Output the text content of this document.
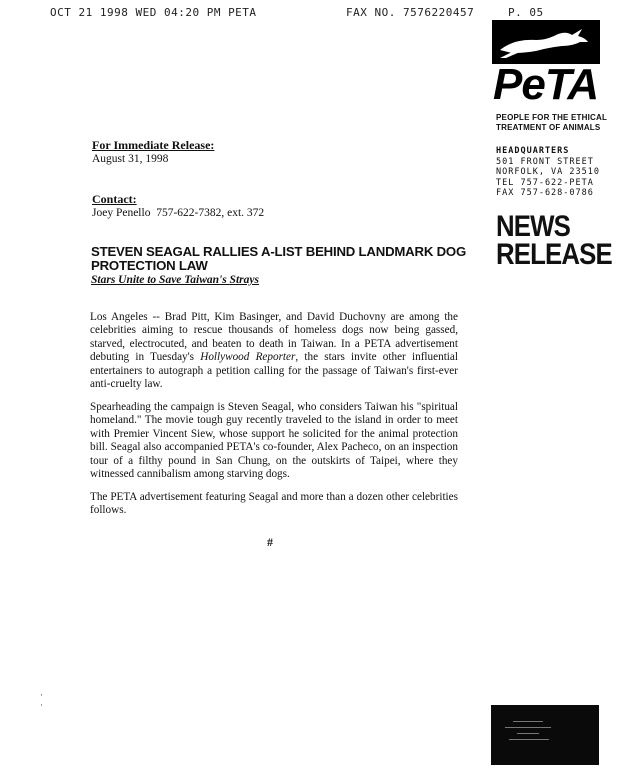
OCT 21 1998 WED 04:20 PM PETA	FAX NO. 7576220457	P. 05
PeTA
PEOPLE FOR THE ETHICAL
TREATMENT OF ANIMALS
HEADQUARTERS
501 FRONT STREET
NORFOLK, VA 23510
TEL 757-622-PETA
FAX 757-628-0786
NEWS
RELEASE
For Immediate Release:
August 31, 1998
Contact:
Joey Penello  757-622-7382, ext. 372
STEVEN SEAGAL RALLIES A-LIST BEHIND LANDMARK DOG PROTECTION LAW
Stars Unite to Save Taiwan's Strays
Los Angeles -- Brad Pitt, Kim Basinger, and David Duchovny are among the celebrities aiming to rescue thousands of homeless dogs now being gassed, starved, electrocuted, and beaten to death in Taiwan. In a PETA advertisement debuting in Tuesday's Hollywood Reporter, the stars invite other influential entertainers to autograph a petition calling for the passage of Taiwan's first-ever anti-cruelty law.
Spearheading the campaign is Steven Seagal, who considers Taiwan his "spiritual homeland." The movie tough guy recently traveled to the island in order to meet with Premier Vincent Siew, whose support he solicited for the animal protection bill. Seagal also accompanied PETA's co-founder, Alex Pacheco, on an inspection tour of a filthy pound in San Chung, on the outskirts of Taipei, where they witnessed cannibalism among starving dogs.
The PETA advertisement featuring Seagal and more than a dozen other celebrities follows.
#
·
·
